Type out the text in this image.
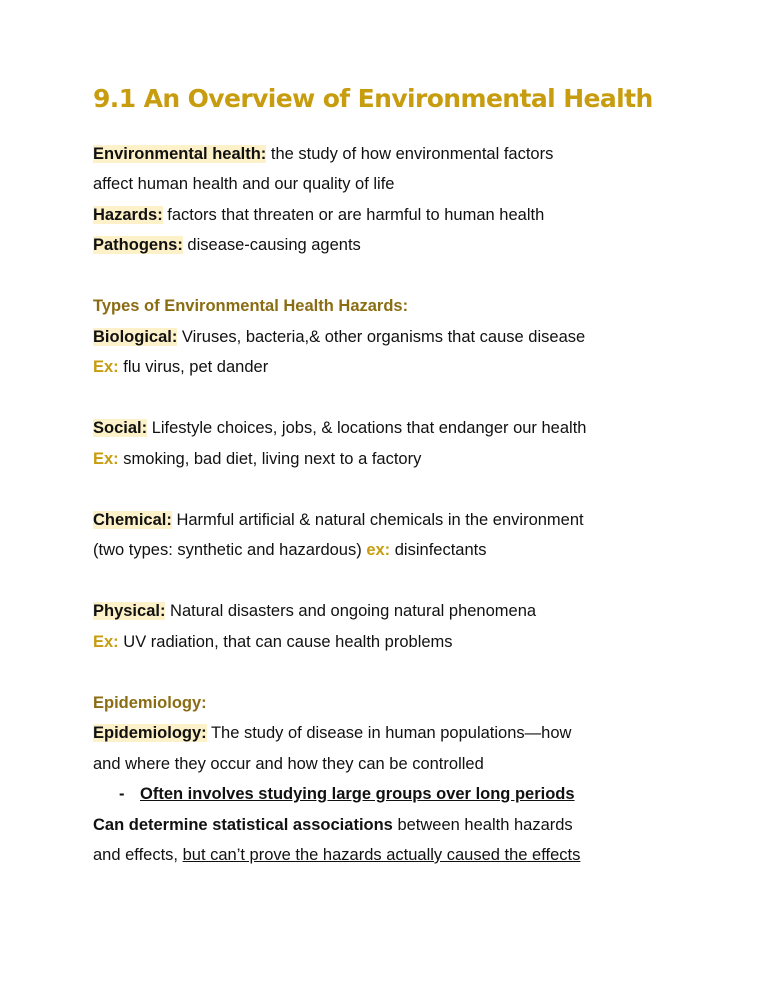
9.1 An Overview of Environmental Health
Environmental health: the study of how environmental factors
affect human health and our quality of life
Hazards: factors that threaten or are harmful to human health
Pathogens: disease-causing agents
Types of Environmental Health Hazards:
Biological: Viruses, bacteria,& other organisms that cause disease
Ex: flu virus, pet dander
Social: Lifestyle choices, jobs, & locations that endanger our health
Ex: smoking, bad diet, living next to a factory
Chemical: Harmful artificial & natural chemicals in the environment
(two types: synthetic and hazardous) ex: disinfectants
Physical: Natural disasters and ongoing natural phenomena
Ex: UV radiation, that can cause health problems
Epidemiology:
Epidemiology: The study of disease in human populations—how
and where they occur and how they can be controlled
- Often involves studying large groups over long periods
Can determine statistical associations between health hazards
and effects, but can’t prove the hazards actually caused the effects
